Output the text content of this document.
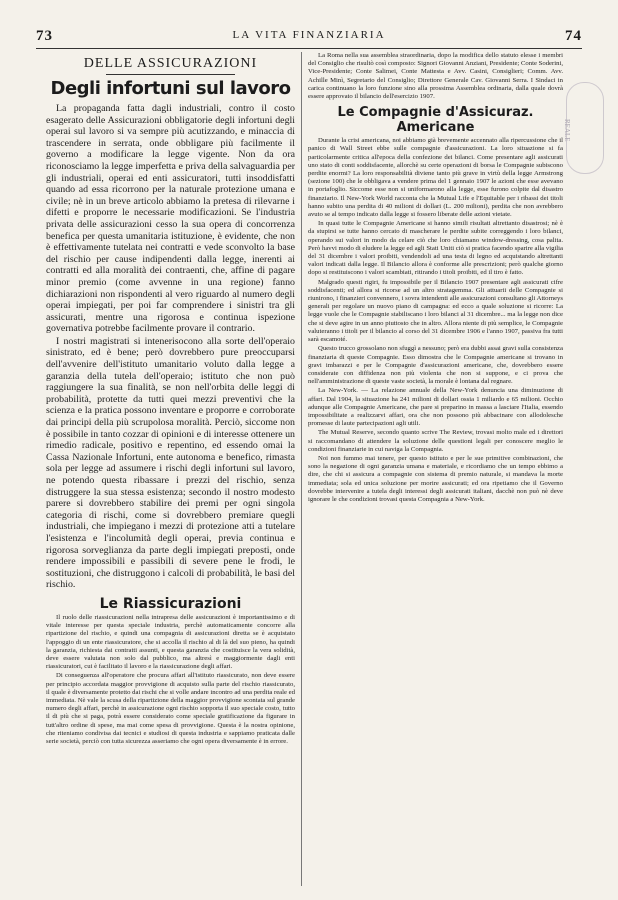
73	LA VITA FINANZIARIA	74
DELLE ASSICURAZIONI
Degli infortuni sul lavoro

La propaganda fatta dagli industriali, contro il costo esagerato delle Assicurazioni obbligatorie degli infortuni degli operai sul lavoro si va sempre più acutizzando, e minaccia di trascendere in serrata, onde obbligare più facilmente il governo a modificare la legge vigente. Non da ora riconosciamo la legge imperfetta e priva della salvaguardia per gli industriali, operai ed enti assicuratori, tutti insoddisfatti quando ad essa ricorrono per la naturale protezione umana e civile; nè in un breve articolo abbiamo la pretesa di rilevarne i difetti e proporre le necessarie modificazioni. Se l'industria privata delle assicurazioni cesso la sua opera di concorrenza benefica per questa umanitaria istituzione, è evidente, che non è effettivamente tutelata nei contratti e vede sconvolto la base del rischio per cause indipendenti dalla legge, inerenti ai contratti ed alla moralità dei contraenti, che, affine di pagare minor premio (come avvenne in una regione) fanno dichiarazioni non rispondenti al vero riguardo al numero degli operai impiegati, per poi far comprendere i sinistri tra gli assicurati, mentre una rigorosa e continua ispezione governativa potrebbe facilmente provare il contrario.

I nostri magistrati si intenerisocono alla sorte dell'operaio sinistrato, ed è bene; però dovrebbero pure preoccuparsi dell'avvenire dell'istituto umanitario voluto dalla legge a garanzia della tutela dell'operaio; istituto che non può raggiungere la sua finalità, se non nell'orbita delle leggi di probabilità, protette da tutti quei mezzi preventivi che la scienza e la pratica possono inventare e proporre e corroborate dai principi della più scrupolosa moralità. Perciò, siccome non è possibile in tanto cozzar di opinioni e di interesse ottenere un rimedio radicale, positivo e repentino, ed essendo omai la Cassa Nazionale Infortuni, ente autonoma e benefico, rimasta sola per legge ad assumere i rischi degli infortuni sul lavoro, ne potendo questa ribassare i prezzi del rischio, senza distruggere la sua stessa esistenza; secondo il nostro modesto parere si dovrebbero stabilire dei premi per ogni singola categoria di rischi, come si dovrebbero premiare quegli industriali, che impiegano i mezzi di protezione atti a tutelare l'esistenza e l'incolumità degli operai, previa continua e rigorosa sorveglianza da parte degli impiegati preposti, onde rendere impossibili e passibili di severe pene le frodi, le sostituzioni, che distruggono i calcoli di probabilità, le basi del rischio.

Le Riassicurazioni

Il ruolo delle riassicurazioni nella intrapresa delle assicurazioni è importantissimo e di vitale interesse per questa speciale industria, perchè automaticamente concorre alla ripartizione del rischio, e quindi una compagnia di assicurazioni diretta se è acquistato l'appoggio di un ente riassicuratore, che si accolla il rischio al di là del suo pieno, ha quindi la garanzia, richiesta dai contratti assunti, e questa garanzia che costituisce la vera solidità, deve essere valutata non solo dal pubblico, ma altresì e maggiormente dagli enti riassicuratori, cui è facilitato il lavoro e la riassicurazione degli affari.

Di conseguenza all'operatore che procura affari all'istituto riassicurato, non deve essere per principio accordata maggior provvigione di acquisto sulla parte del rischio riassicurato, il quale è diversamente protetto dai rischi che si volle andare incontro ad una perdita reale ed immediata. Nè vale la scusa della ripartizione della maggior provvigione scontata sul grande numero degli affari, perchè in assicurazione ogni rischio sopporta il suo speciale costo, tutto il di più che si paga, potrà essere considerato come speciale gratificazione da figurare in tutt'altro ordine di spese, ma mai come spesa di provvigione. Questa è la nostra opinione, che riteniamo condivisa dai tecnici e studiosi di questa industria e sappiamo praticata dalle serie società, perciò con tutta sicurezza asseriamo che ogni opera diversamente è in errore.

La Roma nella sua assemblea straordinaria, dopo la modifica dello statuto elesse i membri del Consiglio che risultò così composto: Signori Giovanni Anziani, Presidente; Conte Soderini, Vice-Presidente; Conte Salimei, Conte Mattesta e Avv. Casini, Consiglieri; Comm. Avv. Achille Minì, Segretario del Consiglio; Direttore Generale Cav. Giovanni Serra. I Sindaci in carica continuano la loro funzione sino alla prossima Assemblea ordinaria, dalla quale dovrà essere approvato il bilancio dell'esercizio 1907.

Le Compagnie d'Assicuraz. Americane

Durante la crisi americana, noi abbiamo già brevemente accennato alla ripercussione che il panico di Wall Street ebbe sulle compagnie d'assicurazioni. La loro situazione si fa particolarmente critica all'epoca della confezione dei bilanci. Come presentare agli assicurati uno stato di conti soddisfacente, allorchè su certe operazioni di borsa le Compagnie subiscono perdite enormi? La loro responsabilità diviene tanto più grave in virtù della legge Armstrong (sezione 100) che le obbligava a vendere prima del 1 gennaio 1907 le azioni che esse avevano in portafoglio. Siccome esse non si uniformarono alla legge, esse furono colpite dal disastro finanziario. Il New-York World racconta che la Mutual Life e l'Equitable per i ribassi dei titoli hanno subito una perdita di 40 milioni di dollari (L. 200 milioni), perdita che non avrebbero avuto se al tempo indicato dalla legge si fossero liberate delle azioni vietate.

In quasi tutte le Compagnie Americane si hanno simili risultati altrettanto disastrosi; nè è da stupirsi se tutte hanno cercato di mascherare le perdite subite correggendo i loro bilanci, operando sui valori in modo da celare ciò che loro chiamano window-dressing, cosa palita. Però havvi modo di eludere la legge ed agli Stati Uniti ciò si pratica facendo sparire alla vigilia del 31 dicembre i valori proibiti, vendendoli ad una testa di legno ed acquistando altrettanti valori indicati dalla legge. Il Bilancio allora è conforme alle prescrizioni; però qualche giorno dopo si restituiscono i valori scambiati, ritirando i titoli proibiti, ed il tiro è fatto.

Malgrado questi rigiri, fu impossibile per il Bilancio 1907 presentare agli assicurati cifre soddisfacenti; ed allora si ricorse ad un altro stratagemma. Gli attuarii delle Compagnie si riunirono, i finanzieri convennero, i sovra intendenti alle assicurazioni consultano gli Attorneys generali per regolare un nuovo piano di campagna: ed ecco a quale soluzione si ricorre: La legge vuole che le Compagnie stabiliscano i loro bilanci al 31 dicembre... ma la legge non dice che si deve agire in un anno piuttosto che in altro. Allora niente di più semplice, le Compagnie valuteranno i titoli per il bilancio al corso del 31 dicembre 1906 e l'anno 1907, passiva fra tutti sarà escamoté.

Questo trucco grossolano non sfuggì a nessuno; però era dubbi assai gravi sulla consistenza finanziaria di queste Compagnie. Esso dimostra che le Compagnie americane si trovano in gravi imbarazzi e per le Compagnie d'assicurazioni americane, che, dovrebbero essere considerate con diffidenza non più violenta che non si suppone, e ci prova che nell'amministrazione di queste vaste società, la morale è lontana dal regnare.

La New-York. — La relazione annuale della New-York denuncia una diminuzione di affari. Dal 1904, la situazione ha 241 milioni di dollari ossia 1 miliardo e 65 milioni. Occhio adunque alle Compagnie Americane, che pare si preparino in massa a lasciare l'Italia, essendo impossibilitate a realizzarvi affari, ora che non possono più abbacinare con allodolesche promesse di laute partecipazioni agli utili.

The Mutual Reserve, secondo quanto scrive The Review, trovasi molto male ed i direttori si raccomandano di attendere la soluzione delle questioni legali per conoscere meglio le condizioni finanziarie in cui naviga la Compagnia.

Noi non fummo mai tenere, per questo istituto e per le sue primitive combinazioni, che sono la negazione di ogni garanzia umana e materiale, e ricordiamo che un tempo ebbimo a dire, che chi si assicura a compagnie con sistema di premio naturale, si mandava la morte immediata; sola ed unica soluzione per morire assicurati; ed ora ripetiamo che il Governo dovrebbe intervenire a tutela degli interessi degli assicurati italiani, dacchè non può nè deve ignorare le che condizioni trovasi questa Compagnia a New-York.

REALE
